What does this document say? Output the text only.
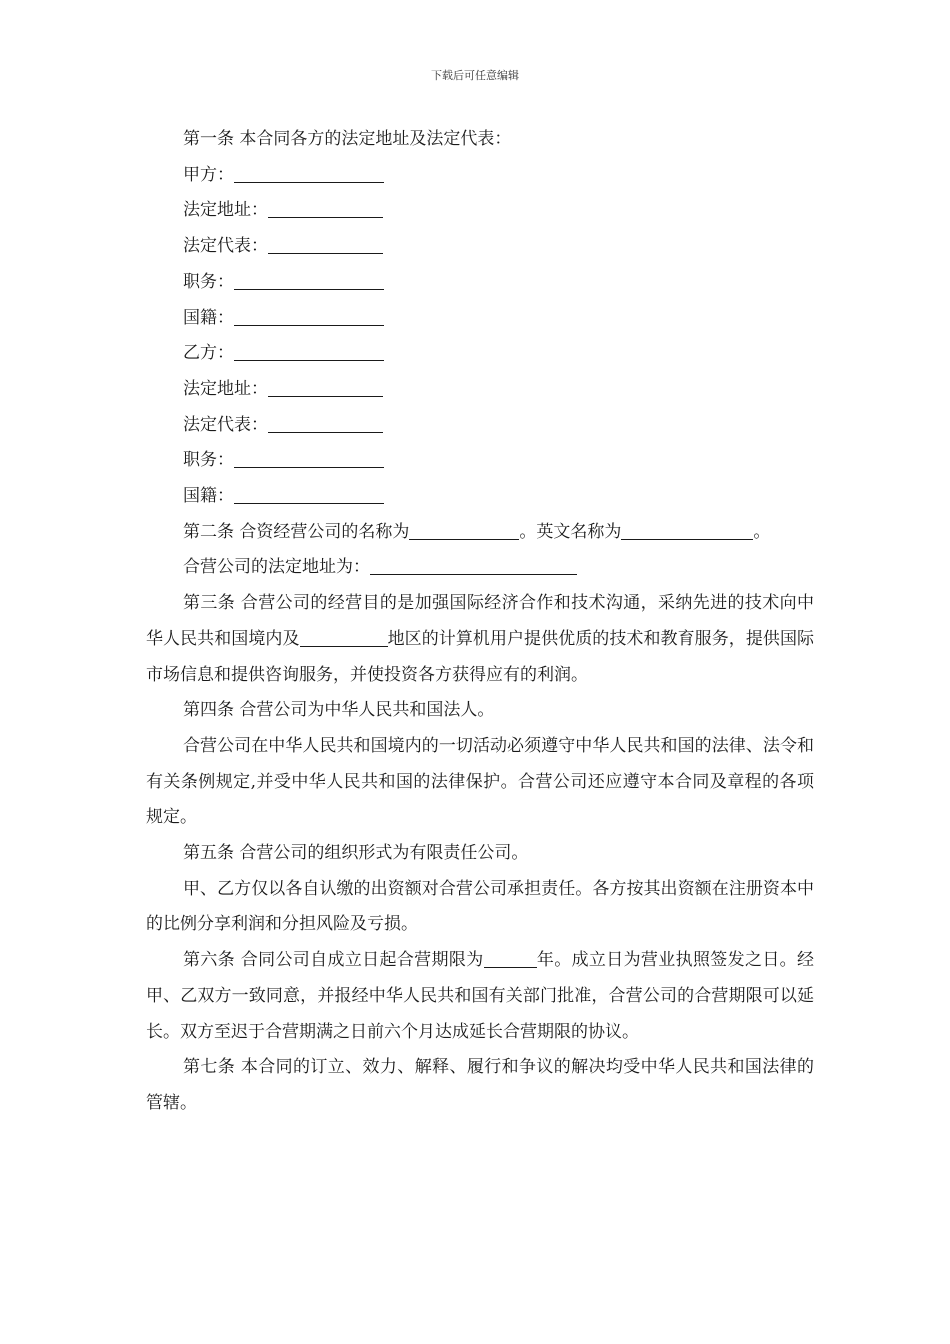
下载后可任意编辑
第一条 本合同各方的法定地址及法定代表：
甲方：
法定地址：
法定代表：
职务：
国籍：
乙方：
法定地址：
法定代表：
职务：
国籍：
第二条 合资经营公司的名称为	。英文名称为	。
合营公司的法定地址为：
第三条 合营公司的经营目的是加强国际经济合作和技术沟通，采纳先进的技术向中华人民共和国境内及	地区的计算机用户提供优质的技术和教育服务，提供国际市场信息和提供咨询服务，并使投资各方获得应有的利润。
第四条 合营公司为中华人民共和国法人。
合营公司在中华人民共和国境内的一切活动必须遵守中华人民共和国的法律、法令和有关条例规定,并受中华人民共和国的法律保护。合营公司还应遵守本合同及章程的各项规定。
第五条 合营公司的组织形式为有限责任公司。
甲、乙方仅以各自认缴的出资额对合营公司承担责任。各方按其出资额在注册资本中的比例分享利润和分担风险及亏损。
第六条 合同公司自成立日起合营期限为	年。成立日为营业执照签发之日。经甲、乙双方一致同意，并报经中华人民共和国有关部门批准，合营公司的合营期限可以延长。双方至迟于合营期满之日前六个月达成延长合营期限的协议。
第七条 本合同的订立、效力、解释、履行和争议的解决均受中华人民共和国法律的管辖。
